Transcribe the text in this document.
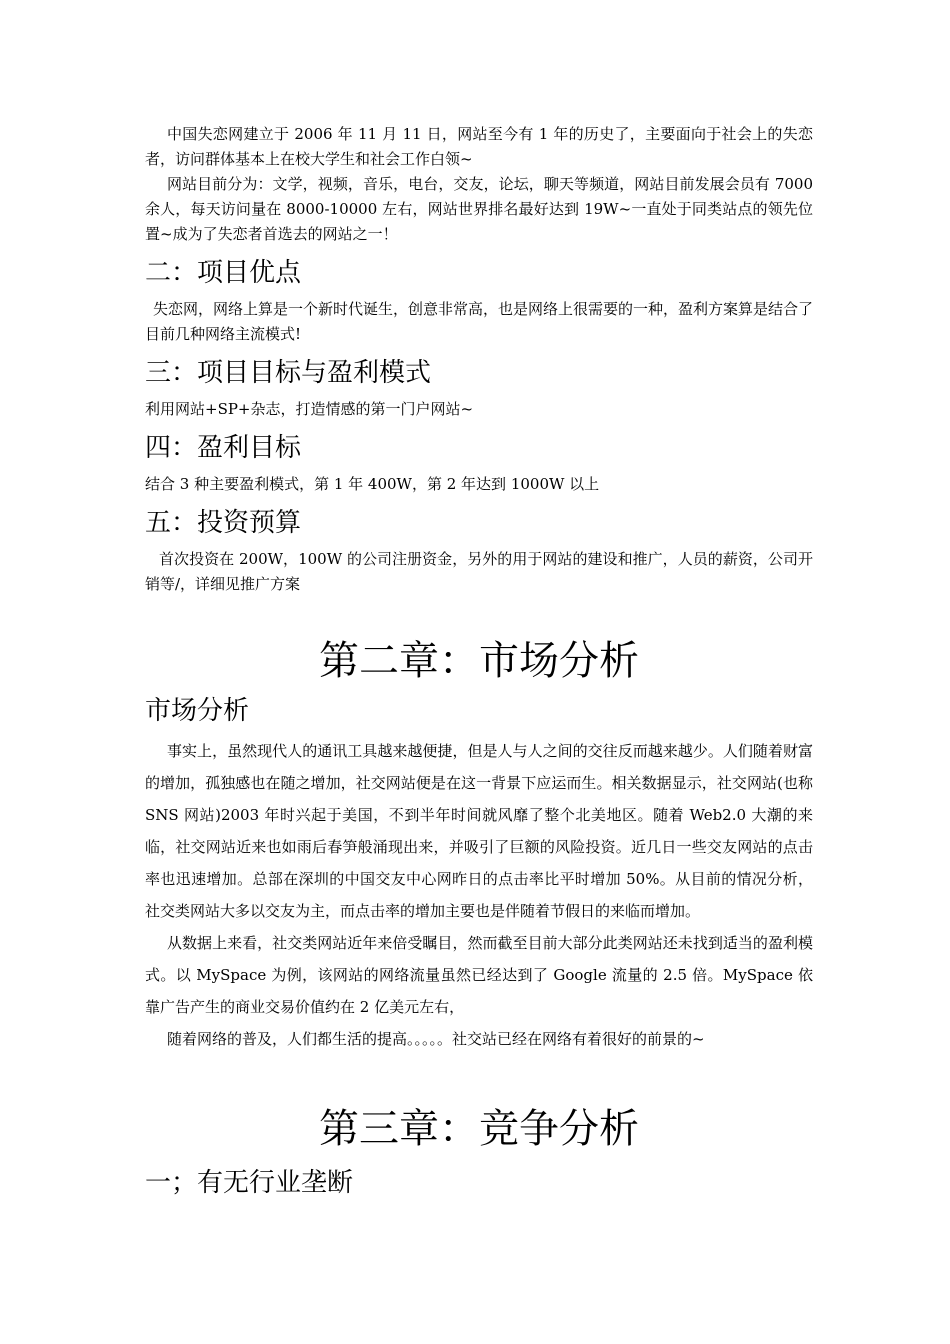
中国失恋网建立于 2006 年 11 月 11 日，网站至今有 1 年的历史了，主要面向于社会上的失恋者，访问群体基本上在校大学生和社会工作白领~

网站目前分为：文学，视频，音乐，电台，交友，论坛，聊天等频道，网站目前发展会员有 7000 余人，每天访问量在 8000-10000 左右，网站世界排名最好达到 19W~一直处于同类站点的领先位置~成为了失恋者首选去的网站之一！

二：项目优点

失恋网，网络上算是一个新时代诞生，创意非常高，也是网络上很需要的一种，盈利方案算是结合了目前几种网络主流模式!

三：项目目标与盈利模式

利用网站+SP+杂志，打造情感的第一门户网站~

四：盈利目标

结合 3 种主要盈利模式，第 1 年 400W，第 2 年达到 1000W 以上

五：投资预算

首次投资在 200W，100W 的公司注册资金，另外的用于网站的建设和推广，人员的薪资，公司开销等/，详细见推广方案

第二章：市场分析
市场分析

事实上，虽然现代人的通讯工具越来越便捷，但是人与人之间的交往反而越来越少。人们随着财富的增加，孤独感也在随之增加，社交网站便是在这一背景下应运而生。相关数据显示，社交网站(也称 SNS 网站)2003 年时兴起于美国，不到半年时间就风靡了整个北美地区。随着 Web2.0 大潮的来临，社交网站近来也如雨后春笋般涌现出来，并吸引了巨额的风险投资。近几日一些交友网站的点击率也迅速增加。总部在深圳的中国交友中心网昨日的点击率比平时增加 50%。从目前的情况分析，社交类网站大多以交友为主，而点击率的增加主要也是伴随着节假日的来临而增加。

从数据上来看，社交类网站近年来倍受瞩目，然而截至目前大部分此类网站还未找到适当的盈利模式。以 MySpace 为例，该网站的网络流量虽然已经达到了 Google 流量的 2.5 倍。MySpace 依靠广告产生的商业交易价值约在 2 亿美元左右，

随着网络的普及，人们都生活的提高。。。。。社交站已经在网络有着很好的前景的~

第三章：竞争分析
一；有无行业垄断
